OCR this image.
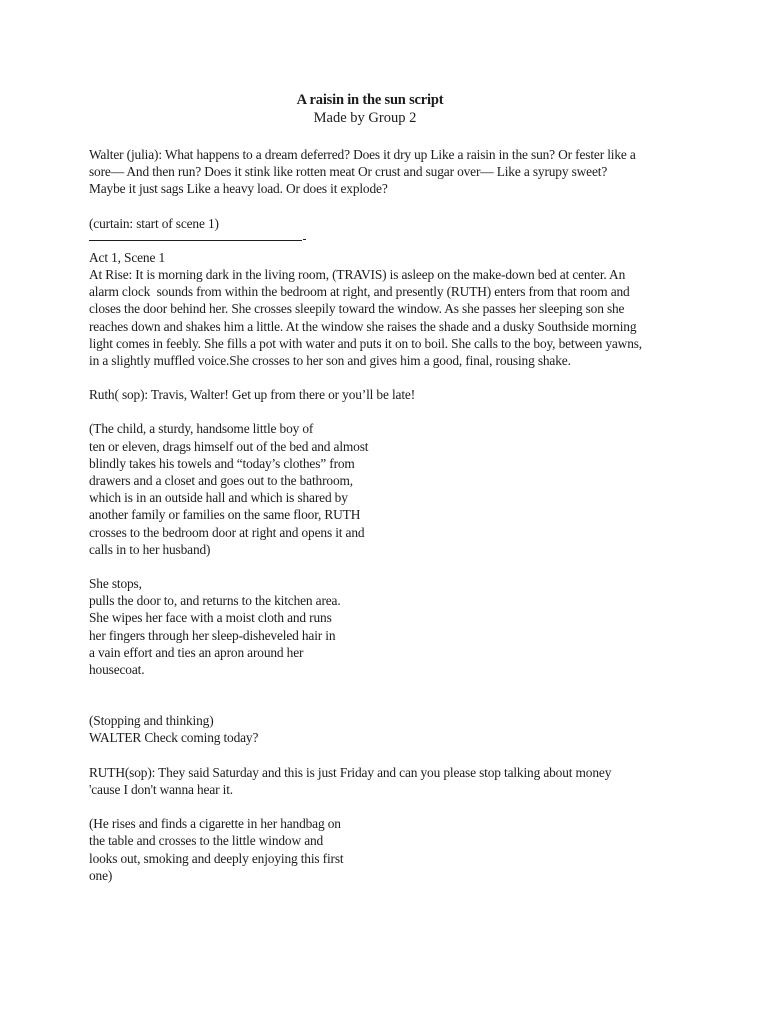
A raisin in the sun script
Made by Group 2
Walter (julia): What happens to a dream deferred? Does it dry up Like a raisin in the sun? Or fester like a
sore— And then run? Does it stink like rotten meat Or crust and sugar over— Like a syrupy sweet?
Maybe it just sags Like a heavy load. Or does it explode?
(curtain: start of scene 1)
Act 1, Scene 1
At Rise: It is morning dark in the living room, (TRAVIS) is asleep on the make-down bed at center. An
alarm clock  sounds from within the bedroom at right, and presently (RUTH) enters from that room and
closes the door behind her. She crosses sleepily toward the window. As she passes her sleeping son she
reaches down and shakes him a little. At the window she raises the shade and a dusky Southside morning
light comes in feebly. She fills a pot with water and puts it on to boil. She calls to the boy, between yawns,
in a slightly muffled voice.She crosses to her son and gives him a good, final, rousing shake.
Ruth( sop): Travis, Walter! Get up from there or you’ll be late!
(The child, a sturdy, handsome little boy of
ten or eleven, drags himself out of the bed and almost
blindly takes his towels and “today’s clothes” from
drawers and a closet and goes out to the bathroom,
which is in an outside hall and which is shared by
another family or families on the same floor, RUTH
crosses to the bedroom door at right and opens it and
calls in to her husband)
She stops,
pulls the door to, and returns to the kitchen area.
She wipes her face with a moist cloth and runs
her fingers through her sleep-disheveled hair in
a vain effort and ties an apron around her
housecoat.
(Stopping and thinking)
WALTER Check coming today?
RUTH(sop): They said Saturday and this is just Friday and can you please stop talking about money
'cause I don't wanna hear it.
(He rises and finds a cigarette in her handbag on
the table and crosses to the little window and
looks out, smoking and deeply enjoying this first
one)
